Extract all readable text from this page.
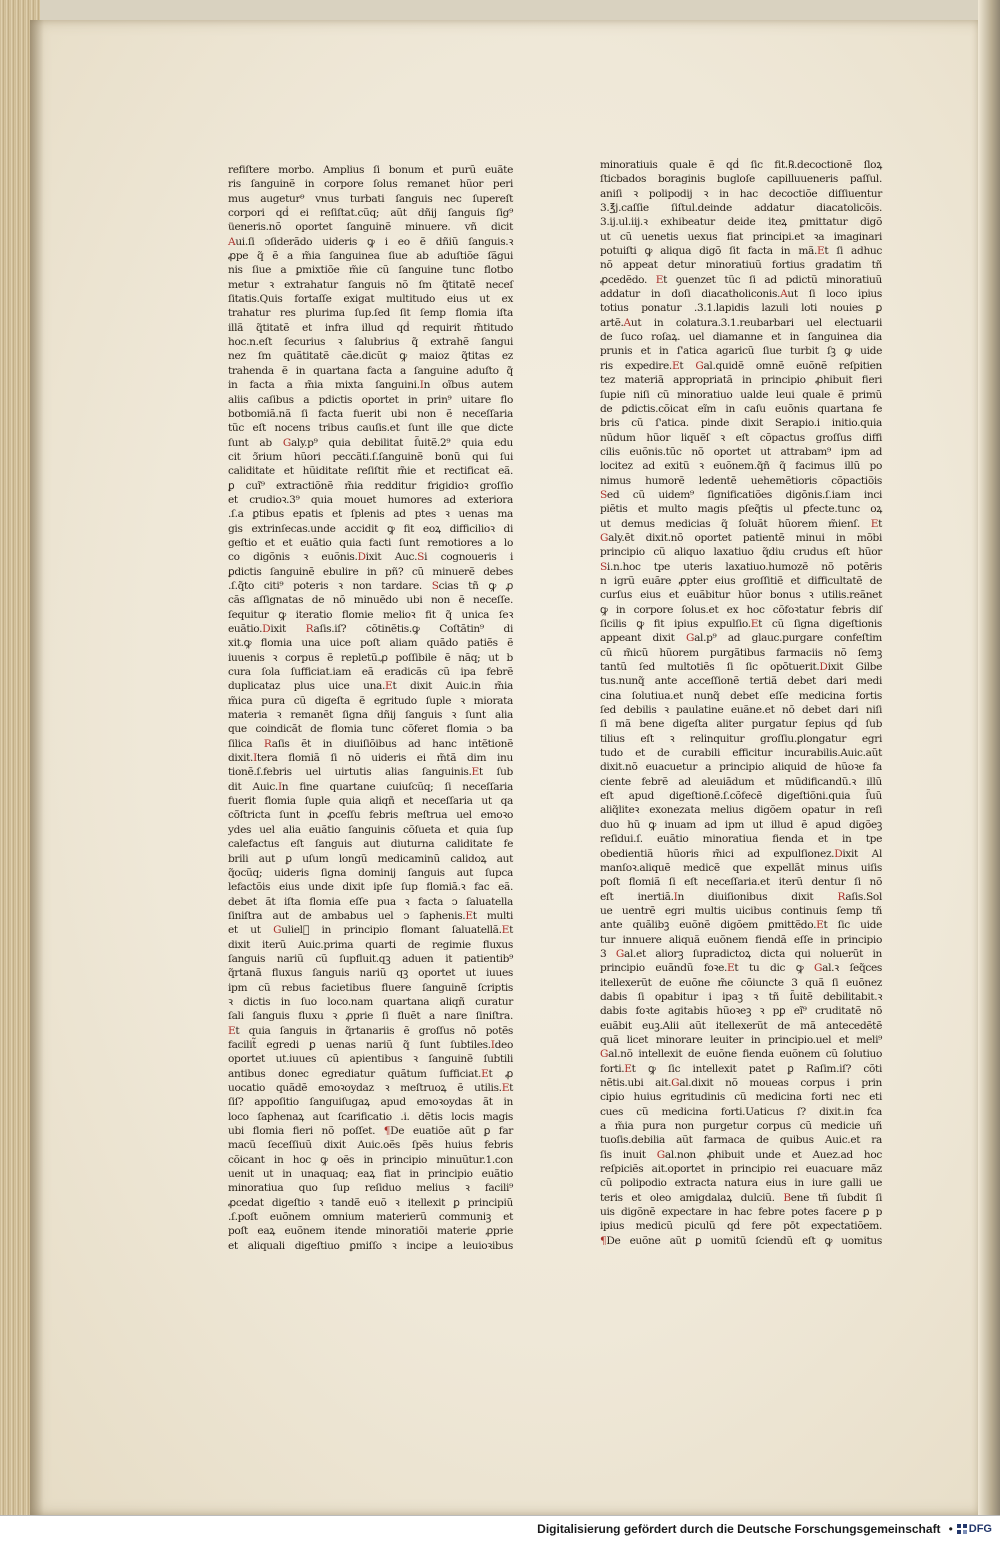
refiſtere morbo. Amplius ſi bonum et purũ euãte
ris ſanguinẽ in corpore ſolus remanet hũor peri
mus augetur⁹ vnus turbati ſanguis nec ſupereſt
corpori qḋ ei reſiſtat.cũq; aũt dñij ſanguis ſig⁹
üeneris.nõ oportet ſanguinẽ minuere. vñ dicit
Aui.ſi ↄſiderãdo uideris ꝙ i eo ẽ dñiũ ſanguis.ꝛ
ꝓpe q̃ ẽ a m̃ia ſanguinea ſiue ab aduſtiõe ſãgui
nis ſiue a ꝑmixtiõe m̃ie cũ ſanguine tunc flotbo
metur ꝛ extrahatur ſanguis nõ ſm q̃titatẽ neceſ
ſitatis.Quis fortaſſe exigat multitudo eius ut ex
trahatur res plurima ſup.ſed ſit ſemp flomia iſta
illã q̃titatẽ et infra illud qḋ requirit m̃titudo
hoc.n.eſt ſecurius ꝛ ſalubrius q̃ extrahẽ ſangui
nez ſm quãtitatẽ cãe.dicũt ꝙ maioz q̃titas ez
trahenda ẽ in quartana facta a ſanguine aduſto q̃
in facta a m̃ia mixta ſanguini.In oĩbus autem
aliis caſibus a pdictis oportet in prin⁹ uitare flo
botbomiã.nã ſi facta fuerit ubi non ẽ neceſſaria
tũc eſt nocens tribus cauſis.et ſunt ille que dicte
ſunt ab Galy.p⁹ quia debilitat ſ̃uitẽ.2⁹ quia edu
cit ↄ̃rium hũori peccãti.ſ.ſanguinẽ bonũ qui ſui
caliditate et hũiditate reſiſtit m̃ie et rectificat eã.
ꝑ cuĩ⁹ extractiõnẽ m̃ia redditur frigidioꝛ groſſio
et crudioꝛ.3⁹ quia mouet humores ad exteriora
.ſ.a ꝑtibus epatis et ſplenis ad ptes ꝛ uenas ma
gis extrinſecas.unde accidit ꝙ fit eoꝝ difficilioꝛ di
geſtio et et euãtio quia facti ſunt remotiores a lo
co digõnis ꝛ euõnis.Dixit Auc.Si cognoueris i
ꝑdictis ſanguinẽ ebulire in pñ? cũ minuerẽ debes
.ſ.q̃to citi⁹ poteris ꝛ non tardare. Scias tñ ꝙ ꝓ
cãs aſſignatas de nõ minuẽdo ubi non ẽ neceſſe.
ſequitur ꝙ iteratio flomie melioꝛ fit q̃ unica ſeꝛ
euãtio.Dixit Raſis.iſ? cõtinẽtis.ꝙ Coſtãtin⁹ di
xit.ꝙ flomia una uice poſt aliam quãdo patiẽs ẽ
iuuenis ꝛ corpus ẽ repletũ.ꝓ poſſibile ẽ nãq; ut b
cura ſola ſufficiat.iam eã eradicãs cũ ipa febrẽ
duplicataz plus uice una.Et dixit Auic.in m̃ia
m̃ica pura cũ digeſta ẽ egritudo ſuple ꝛ miorata
materia ꝛ remanẽt ſigna dñij ſanguis ꝛ ſunt alia
que coindicãt de flomia tunc cõferet flomia ↄ ba
ſilica Raſis ẽt in diuiſiõibus ad hanc intẽtionẽ
dixit.Itera flomiã ſi nõ uideris ei m̃tã dim inu
tionẽ.ſ.febris uel uirtutis alias ſanguinis.Et ſub
dit Auic.In fine quartane cuiuſcũq; ſi neceſſaria
fuerit flomia ſuple quia aliqñ et neceſſaria ut qa
cõſtricta ſunt in ꝓceſſu febris meſtrua uel emoꝛo
ydes uel alia euãtio ſanguinis cõſueta et quia ſup
calefactus eſt ſanguis aut diuturna caliditate fe
brili aut ꝑ uſum longũ medicaminũ calidoꝝ aut
q̃ocũq; uideris ſigna dominij ſanguis aut ſupca
lefactõis eius unde dixit ipſe ſup flomiã.ꝛ fac eã.
debet ãt iſta flomia eſſe pua ꝛ facta ↄ ſaluatella
ſiniſtra aut de ambabus uel ↄ ſaphenis.Et multi
et ut Guliel᷒ in principio flomant ſaluatellã.Et
dixit iterũ Auic.prima quarti de regimie fluxus
ſanguis nariũ cũ ſupfluit.qꝫ aduen it patientib⁹
q̃rtanã fluxus ſanguis nariũ qꝫ oportet ut iuues
ipm cũ rebus facietibus fluere ſanguinẽ ſcriptis
ꝛ dictis in ſuo loco.nam quartana aliqñ curatur
ſali ſanguis fluxu ꝛ ꝓprie ſi fluẽt a nare ſiniſtra.
Et quia ſanguis in q̃rtanariis ẽ groſſus nõ potẽs
facilit̃ egredi ꝑ uenas nariũ q̃ ſunt ſubtiles.Ideo
oportet ut.iuues cũ apientibus ꝛ ſanguinẽ ſubtili
antibus donec egrediatur quãtum ſufficiat.Et ꝓ
uocatio quãdẽ emoꝛoydaz ꝛ meſtruoꝝ ẽ utilis.Et
ſiſ? appoſitio ſanguiſugaꝝ apud emoꝛoydas ãt in
loco ſaphenaꝝ aut ſcarificatio .i. dẽtis locis magis
ubi flomia fieri nõ poſſet. ¶De euatiõe aũt ꝑ far
macũ ſeceſſiuũ dixit Auic.oẽs ſpẽs huius febris
cõicant in hoc ꝙ oẽs in principio minuũtur.1.con
uenit ut in unaquaq; eaꝝ fiat in principio euãtio
minoratiua quo ſup reſiduo melius ꝛ facili⁹
ꝓcedat digeſtio ꝛ tandẽ euõ ꝛ itellexit ꝑ principiũ
.ſ.poſt euõnem omnium materierũ communiꝫ et
poſt eaꝝ euõnem itende minoratiõi materie ꝓprie
et aliquali digeſtiuo ꝑmiſſo ꝛ incipe a leuioꝛibus
minoratiuis quale ẽ qḋ ſic fit.℞.decoctionẽ ſloꝝ
ſticbados boraginis bugloſe capilluueneris paſſul.
aniſi ꝛ polipodij ꝛ in hac decoctiõe diſſiuentur
3.℥j.caſſie ſiſtul.deinde addatur diacatolicõis.
3.ij.ul.iij.ꝛ exhibeatur deide iteꝝ ꝑmittatur digõ
ut cũ uenetis uexus fiat principi.et ꝛa imaginari
potuiſti ꝙ aliqua digõ ſit facta in mã.Et ſi adhuc
nõ appeat detur minoratiuũ fortius gradatim tñ
ꝓcedẽdo. Et ꝯuenzet tũc ſi ad pdictũ minoratiuũ
addatur in doſi diacatholiconis.Aut ſi loco ipius
totius ponatur .3.1.lapidis lazuli loti nouies ꝑ
artẽ.Aut in colatura.3.1.reubarbari uel electuarii
de ſuco roſaꝝ. uel diamanne et in ſanguinea dia
prunis et in ſ'atica agaricũ ſiue turbit ſꝫ ꝙ uide
ris expedire.Et Gal.quidẽ omnẽ euõnẽ reſpitien
tez materiã appropriatã in principio ꝓhibuit fieri
ſupie niſi cũ minoratiuo ualde leui quale ẽ primũ
de ꝑdictis.cõicat eĩm in caſu euõnis quartana fe
bris cũ ſ'atica. pinde dixit Serapio.i initio.quia
nũdum hũor liquẽſ ꝛ eſt cõpactus groſſus diffi
cilis euõnis.tũc nõ oportet ut attrabam⁹ ipm ad
locitez ad exitũ ꝛ euõnem.q̃ñ q̃ facimus illũ po
nimus humorẽ ledentẽ uehemẽtioris cõpactiõis
Sed cũ uidem⁹ ſignificatiões digõnis.ſ.iam inci
piẽtis et multo magis pſeq̃tis ul ꝑfecte.tunc oꝝ
ut demus medicias q̃ ſoluãt hũorem m̃ienſ. Et
Galy.ẽt dixit.nõ oportet patientẽ minui in mõbi
principio cũ aliquo laxatiuo q̃diu crudus eſt hũor
Si.n.hoc tpe uteris laxatiuo.humozẽ nõ potẽris
n igrũ euãre ꝓpter eius groſſitiẽ et difficultatẽ de
curſus eius et euãbitur hũor bonus ꝛ utilis.reãnet
ꝙ in corpore ſolus.et ex hoc cõfoꝛtatur febris diſ
ſicilis ꝙ fit ipius expulſio.Et cũ ſigna digeſtionis
appeant dixit Gal.p⁹ ad glauc.purgare confeſtim
cũ m̃icũ hũorem purgãtibus farmaciis nõ ſemꝫ
tantũ ſed multotiẽs ſi ſic opõtuerit.Dixit Gilbe
tus.nunq̃ ante acceſſionẽ tertiã debet dari medi
cina ſolutiua.et nunq̃ debet eſſe medicina fortis
ſed debilis ꝛ paulatine euãne.et nõ debet dari niſi
ſi mã bene digeſta aliter purgatur ſepius qḋ ſub
tilius eſt ꝛ relinquitur groſſiu.ꝑlongatur egri
tudo et de curabili efficitur incurabilis.Auic.aũt
dixit.nõ euacuetur a principio aliquid de hũoꝛe fa
ciente febrẽ ad aleuiãdum et mũdificandũ.ꝛ illũ
eſt apud digeſtionẽ.ſ.cõfecẽ digeſtiõni.quia ſ̃uũ
aliq̃liteꝛ exonezata melius digõem opatur in reſi
duo hũ ꝙ inuam ad ipm ut illud ẽ apud digõeꝫ
reſidui.ſ. euãtio minoratiua fienda et in tpe
obedientiã hũoris m̃ici ad expulſionez.Dixit Al
manſoꝛ.aliquẽ medicẽ que expellãt minus uiſis
poſt flomiã ſi eſt neceſſaria.et iterũ dentur ſi nõ
eſt inertiã.In diuiſionibus dixit Raſis.Sol
ue uentrẽ egri multis uicibus continuis ſemp tñ
ante quãlibꝫ euõnẽ digõem ꝑmittẽdo.Et ſic uide
tur innuere aliquã euõnem fiendã eſſe in principio
3 Gal.et aliorꝫ ſupradictoꝝ dicta qui noluerũt in
principio euãndũ foꝛe.Et tu dic ꝙ Gal.ꝛ ſeq̃ces
itellexerũt de euõne m̃e cõiuncte 3 quã ſi euõnez
dabis ſi opabitur i ipaꝫ ꝛ tñ ſ̃uitẽ debilitabit.ꝛ
dabis foꝛte agitabis hũoꝛeꝫ ꝛ pꝑ eĩ⁹ cruditatẽ nõ
euãbit euꝫ.Alii aũt itellexerũt de mã antecedẽtẽ
quã licet minorare leuiter in principio.uel et meli⁹
Gal.nõ intellexit de euõne fienda euõnem cũ ſolutiuo
forti.Et ꝙ ſic intellexit patet ꝑ Raſim.iſ? cõti
nẽtis.ubi ait.Gal.dixit nõ moueas corpus i prin
cipio huius egritudinis cũ medicina forti nec eti
cues cũ medicina forti.Uaticus ſ? dixit.in fca
a m̃ia pura non purgetur corpus cũ medicie uñ
tuoſis.debilia aũt farmaca de quibus Auic.et ra
ſis inuit Gal.non ꝓhibuit unde et Auez.ad hoc
reſpiciẽs ait.oportet in principio rei euacuare mãz
cũ polipodio extracta natura eius in iure galli ue
teris et oleo amigdalaꝝ dulciũ. Bene tñ ſubdit ſi
uis digõnẽ expectare in hac febre potes facere ꝑ p
ipius medicũ piculũ qḋ fere pōt expectatiõem.
¶De euõne aũt ꝑ uomitũ ſciendũ eſt ꝙ uomitus
Digitalisierung gefördert durch die Deutsche Forschungsgemeinschaft • DFG
